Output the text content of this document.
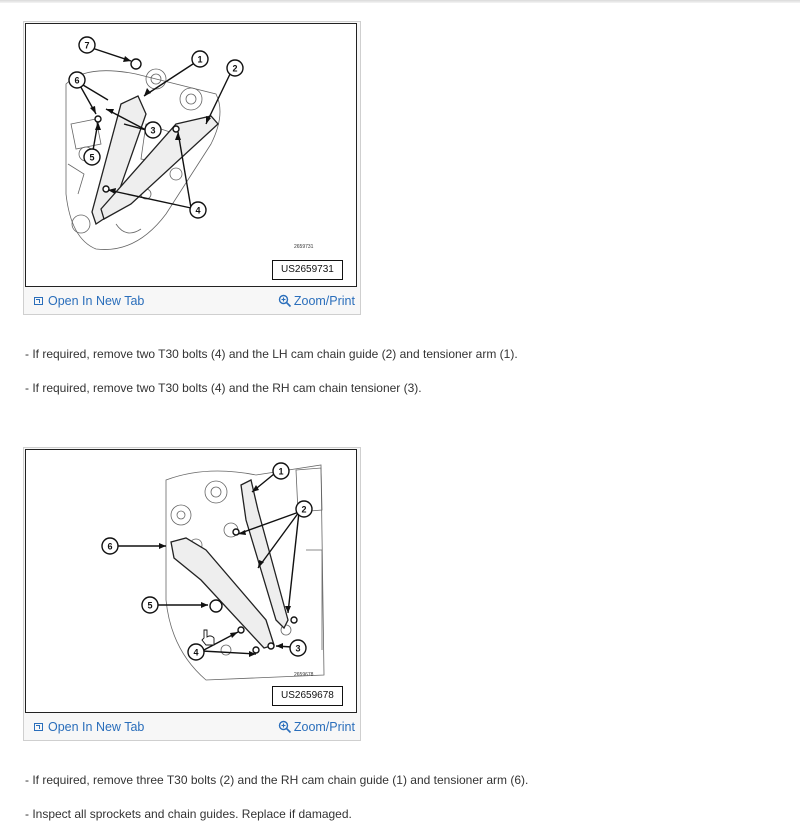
7
1
2
3
4
5
6
2659731
US2659731
Open In New Tab	Zoom/Print
- If required, remove two T30 bolts (4) and the LH cam chain guide (2) and tensioner arm (1).
- If required, remove two T30 bolts (4) and the RH cam chain tensioner (3).
1
2
3
4
5
6
2659678
US2659678
Open In New Tab	Zoom/Print
- If required, remove three T30 bolts (2) and the RH cam chain guide (1) and tensioner arm (6).
- Inspect all sprockets and chain guides. Replace if damaged.
